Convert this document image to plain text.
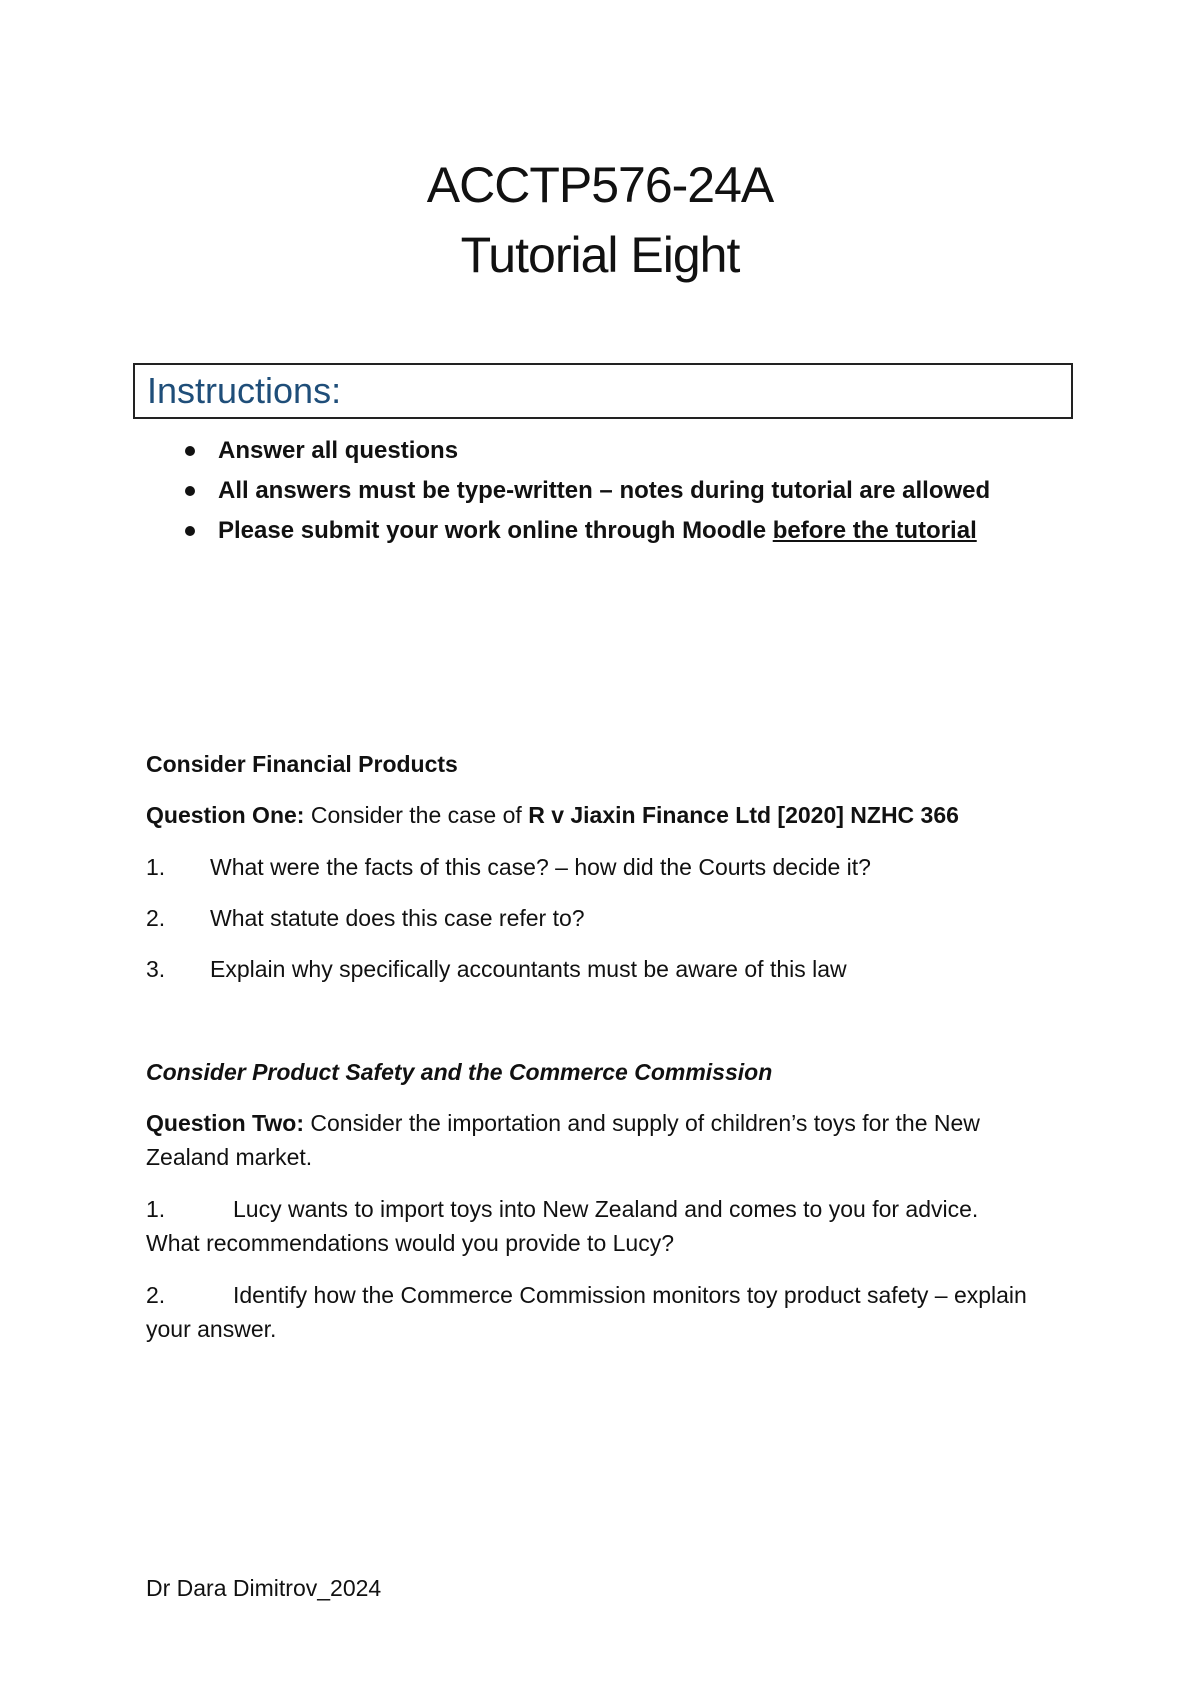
ACCTP576-24A
Tutorial Eight
Instructions:
Answer all questions
All answers must be type-written – notes during tutorial are allowed
Please submit your work online through Moodle before the tutorial
Consider Financial Products
Question One: Consider the case of R v Jiaxin Finance Ltd [2020] NZHC 366
1. What were the facts of this case? – how did the Courts decide it?
2. What statute does this case refer to?
3. Explain why specifically accountants must be aware of this law
Consider Product Safety and the Commerce Commission
Question Two: Consider the importation and supply of children’s toys for the New Zealand market.
1.	Lucy wants to import toys into New Zealand and comes to you for advice. What recommendations would you provide to Lucy?
2.	Identify how the Commerce Commission monitors toy product safety – explain your answer.
Dr Dara Dimitrov_2024
